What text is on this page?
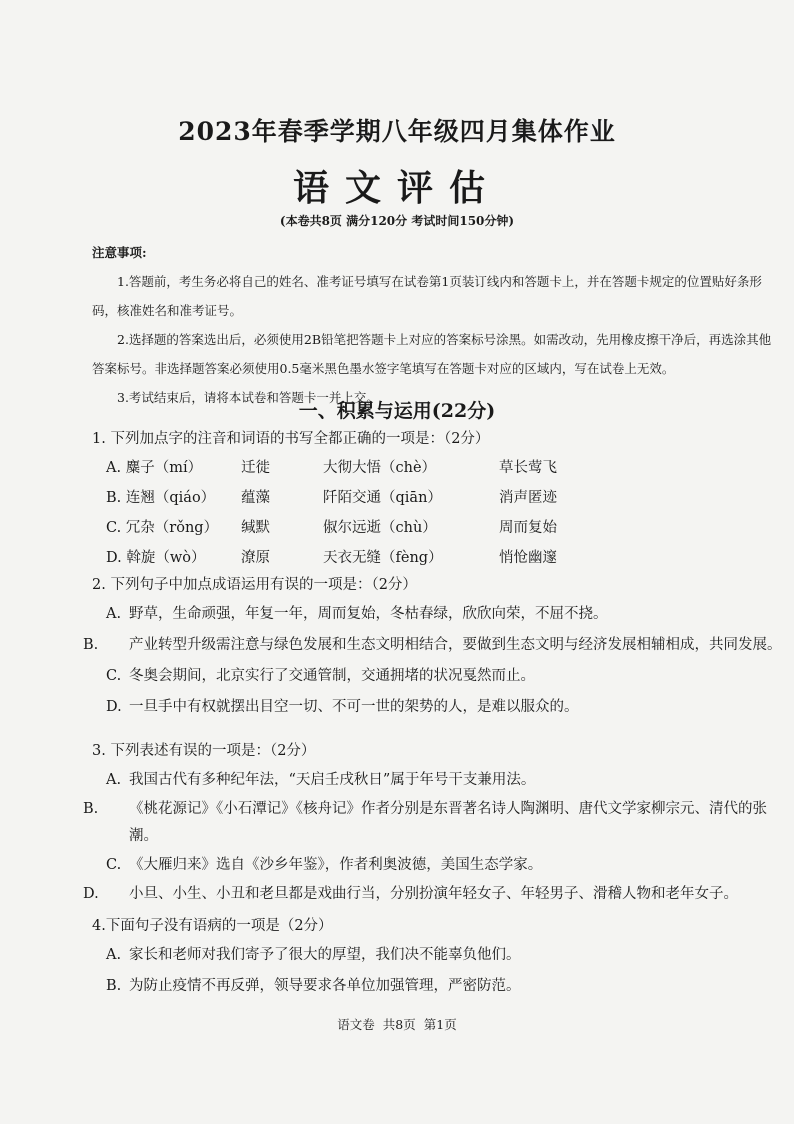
2023年春季学期八年级四月集体作业
语文评估
(本卷共8页 满分120分 考试时间150分钟)
注意事项:

1.答题前，考生务必将自己的姓名、准考证号填写在试卷第1页装订线内和答题卡上，并在答题卡规定的位置贴好条形码，核准姓名和准考证号。

2.选择题的答案选出后，必须使用2B铅笔把答题卡上对应的答案标号涂黑。如需改动，先用橡皮擦干净后，再选涂其他答案标号。非选择题答案必须使用0.5毫米黑色墨水签字笔填写在答题卡对应的区域内，写在试卷上无效。

3.考试结束后，请将本试卷和答题卡一并上交。

一、积累与运用(22分)
1. 下列加点字的注音和词语的书写全都正确的一项是：（2分）
A. 麋子（mí）	迁徙	大彻大悟（chè）	草长莺飞
B. 连翘（qiáo）	蕴藻	阡陌交通（qiān）	消声匿迹
C. 冗杂（rǒng）	缄默	俶尔远逝（chù）	周而复始
D. 斡旋（wò）	潦原	天衣无缝（fèng）	悄怆幽邃
2. 下列句子中加点成语运用有误的一项是：（2分）
A. 野草，生命顽强，年复一年，周而复始，冬枯春绿，欣欣向荣，不屈不挠。
B. 产业转型升级需注意与绿色发展和生态文明相结合，要做到生态文明与经济发展相辅相成，共同发展。
C. 冬奥会期间，北京实行了交通管制，交通拥堵的状况戛然而止。
D. 一旦手中有权就摆出目空一切、不可一世的架势的人，是难以服众的。
3. 下列表述有误的一项是：（2分）
A. 我国古代有多种纪年法，“天启壬戌秋日”属于年号干支兼用法。
B. 《桃花源记》《小石潭记》《核舟记》作者分别是东晋著名诗人陶渊明、唐代文学家柳宗元、清代的张潮。
C. 《大雁归来》选自《沙乡年鉴》，作者利奥波德，美国生态学家。
D. 小旦、小生、小丑和老旦都是戏曲行当，分别扮演年轻女子、年轻男子、滑稽人物和老年女子。
4.下面句子没有语病的一项是（2分）
A. 家长和老师对我们寄予了很大的厚望，我们决不能辜负他们。
B. 为防止疫情不再反弹，领导要求各单位加强管理，严密防范。
语文卷 共8页 第1页
